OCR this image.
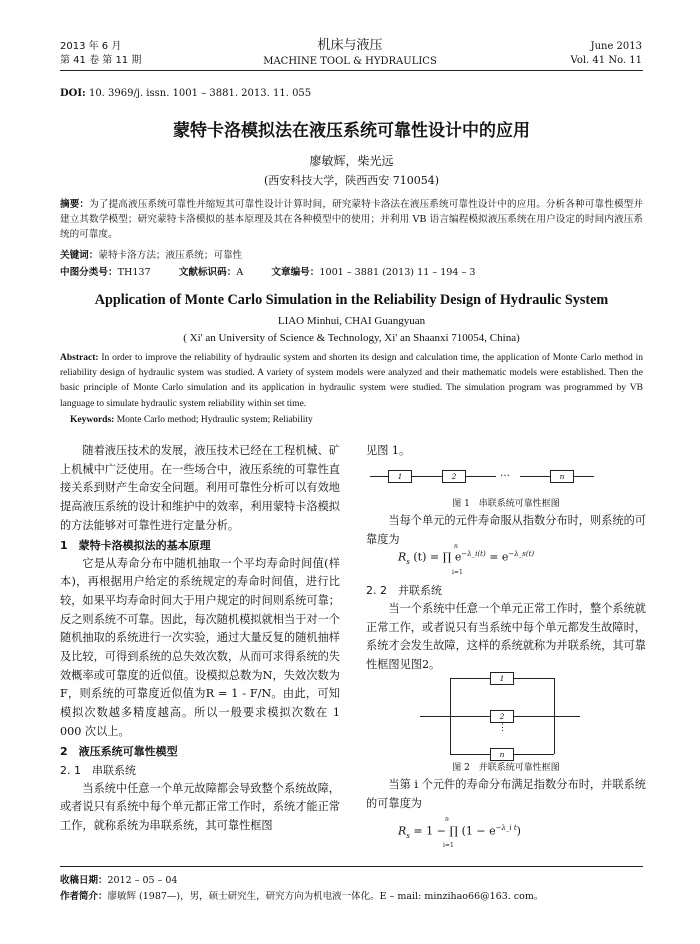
2013 年 6 月
第 41 卷 第 11 期
机床与液压
MACHINE TOOL & HYDRAULICS
June 2013
Vol. 41 No. 11
DOI: 10. 3969/j. issn. 1001 – 3881. 2013. 11. 055
蒙特卡洛模拟法在液压系统可靠性设计中的应用
廖敏辉，柴光远
(西安科技大学，陕西西安 710054)
摘要：为了提高液压系统可靠性并缩短其可靠性设计计算时间，研究蒙特卡洛法在液压系统可靠性设计中的应用。分析各种可靠性模型并建立其数学模型；研究蒙特卡洛模拟的基本原理及其在各种模型中的使用；并利用 VB 语言编程模拟液压系统在用户设定的时间内液压系统的可靠度。
关键词：蒙特卡洛方法；液压系统；可靠性
中图分类号：TH137	文献标识码：A	文章编号：1001 – 3881 (2013) 11 – 194 – 3
Application of Monte Carlo Simulation in the Reliability Design of Hydraulic System
LIAO Minhui, CHAI Guangyuan
( Xi' an University of Science & Technology, Xi' an Shaanxi 710054, China)
Abstract: In order to improve the reliability of hydraulic system and shorten its design and calculation time, the application of Monte Carlo method in reliability design of hydraulic system was studied. A variety of system models were analyzed and their mathematic models were established. Then the basic principle of Monte Carlo simulation and its application in hydraulic system were studied. The simulation program was programmed by VB language to simulate hydraulic system reliability within set time.
Keywords: Monte Carlo method; Hydraulic system; Reliability
随着液压技术的发展，液压技术已经在工程机械、矿上机械中广泛使用。在一些场合中，液压系统的可靠性直接关系到财产生命安全问题。利用可靠性分析可以有效地提高液压系统的设计和维护中的效率，利用蒙特卡洛模拟的方法能够对可靠性进行定量分析。
1　蒙特卡洛模拟法的基本原理
它是从寿命分布中随机抽取一个平均寿命时间值(样本)，再根据用户给定的系统规定的寿命时间值，进行比较，如果平均寿命时间大于用户规定的时间则系统可靠；反之则系统不可靠。因此，每次随机模拟就相当于对一个随机抽取的系统进行一次实验，通过大量反复的随机抽样及比较，可得到系统的总失效次数，从而可求得系统的失效概率或可靠度的近似值。设模拟总数为N，失效次数为F，则系统的可靠度近似值为R = 1 - F/N。由此，可知模拟次数越多精度越高。所以一般要求模拟次数在 1 000 次以上。
2　液压系统可靠性模型
2. 1　串联系统
当系统中任意一个单元故障都会导致整个系统故障，或者说只有系统中每个单元都正常工作时，系统才能正常工作，就称系统为串联系统，其可靠性框图
见图 1。
1	2	…	n
图 1　串联系统可靠性框图
当每个单元的元件寿命服从指数分布时，则系统的可靠度为
$R_s$ (t) = ∏ $e^{-\lambda\_i(t)} = e^{-\lambda\_s(t)}$
n
i=1
2. 2　并联系统
当一个系统中任意一个单元正常工作时，整个系统就正常工作，或者说只有当系统中每个单元都发生故障时，系统才会发生故障，这样的系统就称为并联系统，其可靠性框图见图2。
1
2
⋮
n
图 2　并联系统可靠性框图
当第 i 个元件的寿命分布满足指数分布时，并联系统的可靠度为
$R_s = 1$ − ∏ $(1 - e^{-\lambda\_i t})$
n
i=1
收稿日期：2012 – 05 – 04
作者简介：廖敏辉 (1987—)，男，硕士研究生，研究方向为机电液一体化。E – mail: minzihao66@163. com。
